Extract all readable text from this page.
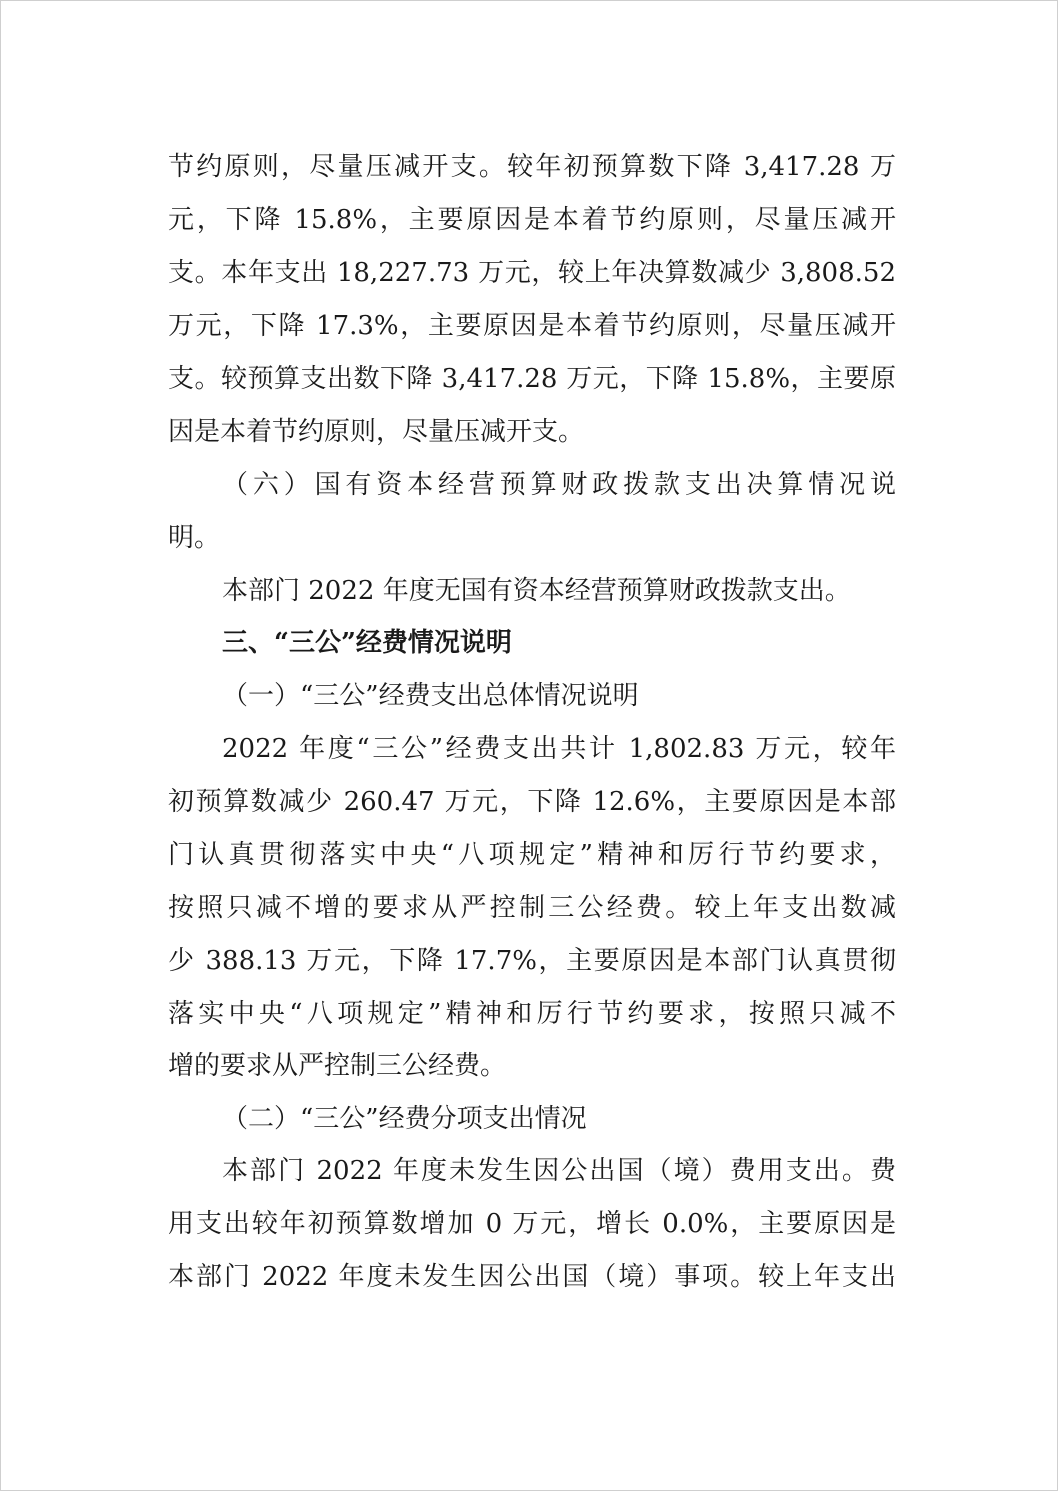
节约原则，尽量压减开支。较年初预算数下降 3,417.28 万
元，下降 15.8%，主要原因是本着节约原则，尽量压减开
支。本年支出 18,227.73 万元，较上年决算数减少 3,808.52
万元，下降 17.3%，主要原因是本着节约原则，尽量压减开
支。较预算支出数下降 3,417.28 万元，下降 15.8%，主要原
因是本着节约原则，尽量压减开支。
（六）国有资本经营预算财政拨款支出决算情况说
明。
本部门 2022 年度无国有资本经营预算财政拨款支出。
三、“三公”经费情况说明
（一）“三公”经费支出总体情况说明
2022 年度“三公”经费支出共计 1,802.83 万元，较年
初预算数减少 260.47 万元，下降 12.6%，主要原因是本部
门认真贯彻落实中央“八项规定”精神和厉行节约要求，
按照只减不增的要求从严控制三公经费。较上年支出数减
少 388.13 万元，下降 17.7%，主要原因是本部门认真贯彻
落实中央“八项规定”精神和厉行节约要求，按照只减不
增的要求从严控制三公经费。
（二）“三公”经费分项支出情况
本部门 2022 年度未发生因公出国（境）费用支出。费
用支出较年初预算数增加 0 万元，增长 0.0%，主要原因是
本部门 2022 年度未发生因公出国（境）事项。较上年支出
